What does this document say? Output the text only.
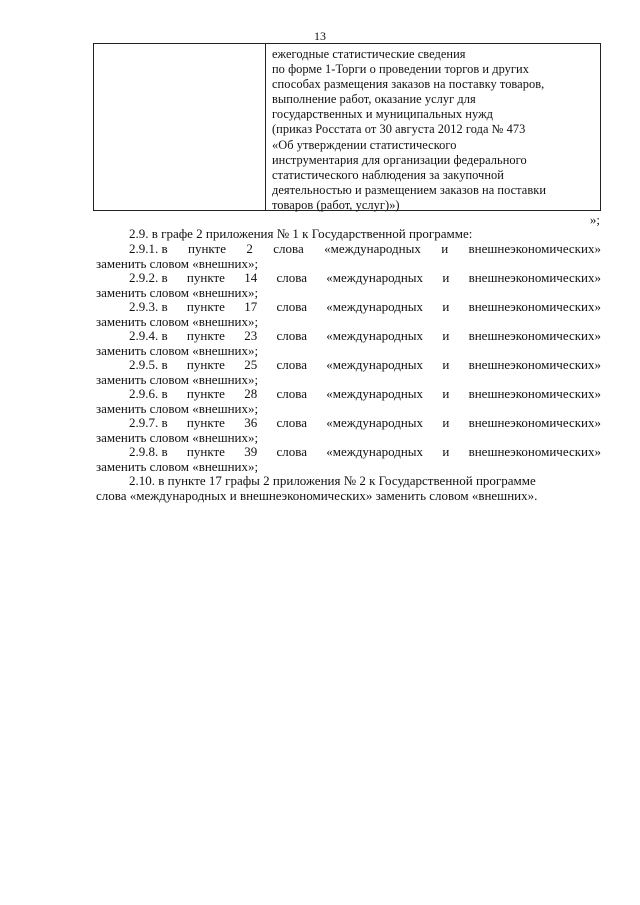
13
ежегодные статистические сведения
по форме 1-Торги о проведении торгов и других
способах размещения заказов на поставку товаров,
выполнение работ, оказание услуг для
государственных и муниципальных нужд
(приказ Росстата от 30 августа 2012 года № 473
«Об утверждении статистического
инструментария для организации федерального
статистического наблюдения за закупочной
деятельностью и размещением заказов на поставки
товаров (работ, услуг)»)
»;
2.9. в графе 2 приложения № 1 к Государственной программе:
2.9.1. в пункте 2 слова «международных и внешнеэкономических»
заменить словом «внешних»;
2.9.2. в пункте 14 слова «международных и внешнеэкономических»
заменить словом «внешних»;
2.9.3. в пункте 17 слова «международных и внешнеэкономических»
заменить словом «внешних»;
2.9.4. в пункте 23 слова «международных и внешнеэкономических»
заменить словом «внешних»;
2.9.5. в пункте 25 слова «международных и внешнеэкономических»
заменить словом «внешних»;
2.9.6. в пункте 28 слова «международных и внешнеэкономических»
заменить словом «внешних»;
2.9.7. в пункте 36 слова «международных и внешнеэкономических»
заменить словом «внешних»;
2.9.8. в пункте 39 слова «международных и внешнеэкономических»
заменить словом «внешних»;
2.10. в пункте 17 графы 2 приложения № 2 к Государственной программе
слова «международных и внешнеэкономических» заменить словом «внешних».
